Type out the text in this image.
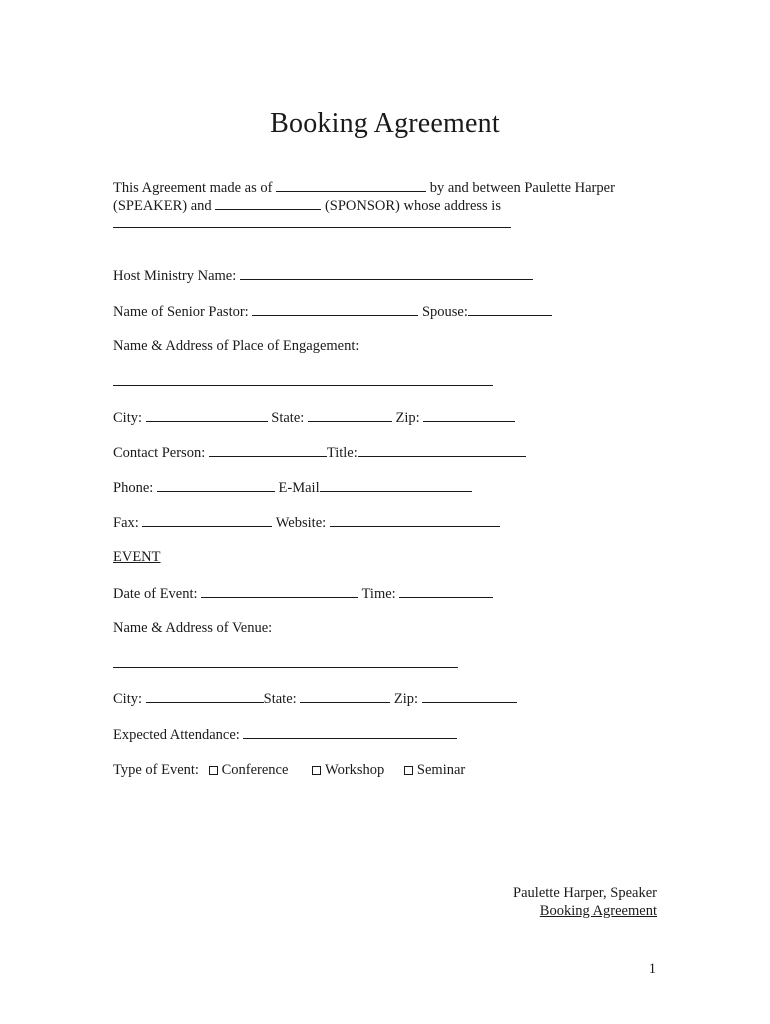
Booking Agreement
This Agreement made as of	by and between Paulette Harper
(SPEAKER) and	(SPONSOR) whose address is
Host Ministry Name:
Name of Senior Pastor:	Spouse:
Name & Address of Place of Engagement:
City:	State:	Zip:
Contact Person:	Title:
Phone:	E-Mail
Fax:	Website:
EVENT
Date of Event:	Time:
Name & Address of Venue:
City:	State:	Zip:
Expected Attendance:
Type of Event: Conference	Workshop Seminar
Paulette Harper, Speaker
Booking Agreement
1
